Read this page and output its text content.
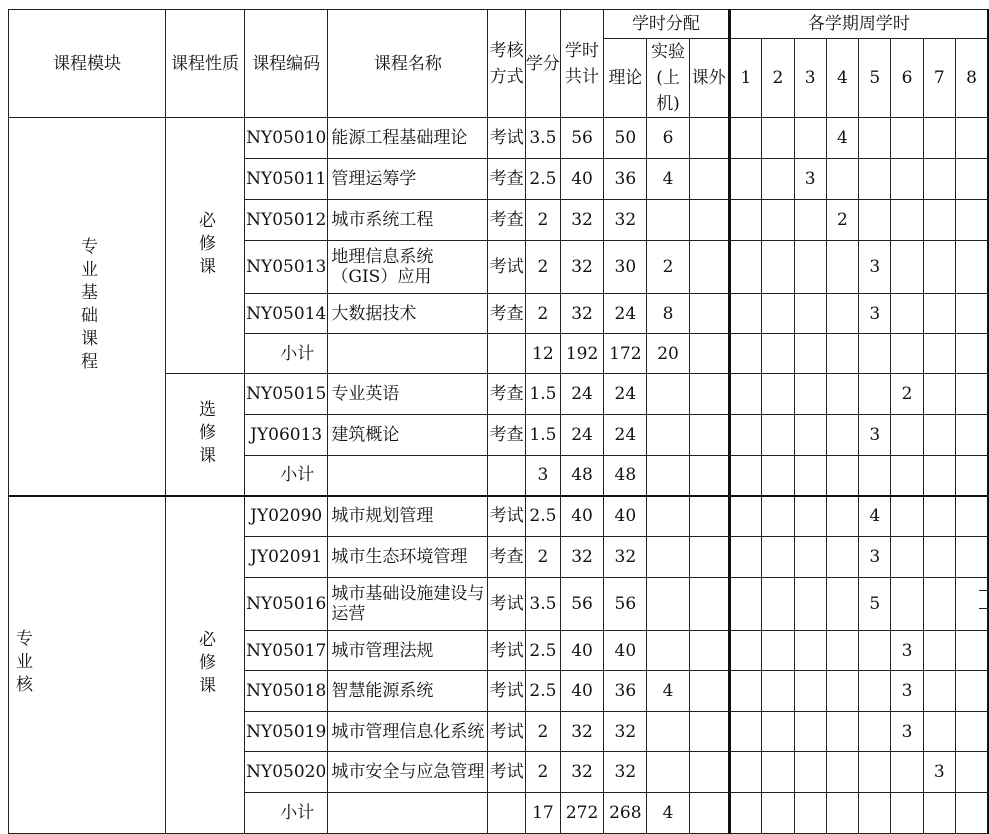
课程模块	课程性质	课程编码	课程名称	考核方式	学分	学时共计	学时分配			各学期周学时							
							理论	实验(上机)	课外	1	2	3	4	5	6	7	8
专业基础课程	必修课	NY05010	能源工程基础理论	考试	3.5	56	50	6					4				
		NY05011	管理运筹学	考查	2.5	40	36	4				3					
		NY05012	城市系统工程	考查	2	32	32						2				
		NY05013	地理信息系统（GIS）应用	考试	2	32	30	2						3			
		NY05014	大数据技术	考查	2	32	24	8						3			
		小计			12	192	172	20									
	选修课	NY05015	专业英语	考查	1.5	24	24								2		
		JY06013	建筑概论	考查	1.5	24	24							3			
		小计			3	48	48										
专业核	必修课	JY02090	城市规划管理	考试	2.5	40	40							4			
		JY02091	城市生态环境管理	考查	2	32	32							3			
		NY05016	城市基础设施建设与运营	考试	3.5	56	56							5			
		NY05017	城市管理法规	考试	2.5	40	40								3		
		NY05018	智慧能源系统	考试	2.5	40	36	4							3		
		NY05019	城市管理信息化系统	考试	2	32	32								3		
		NY05020	城市安全与应急管理	考试	2	32	32									3	
		小计			17	272	268	4									
